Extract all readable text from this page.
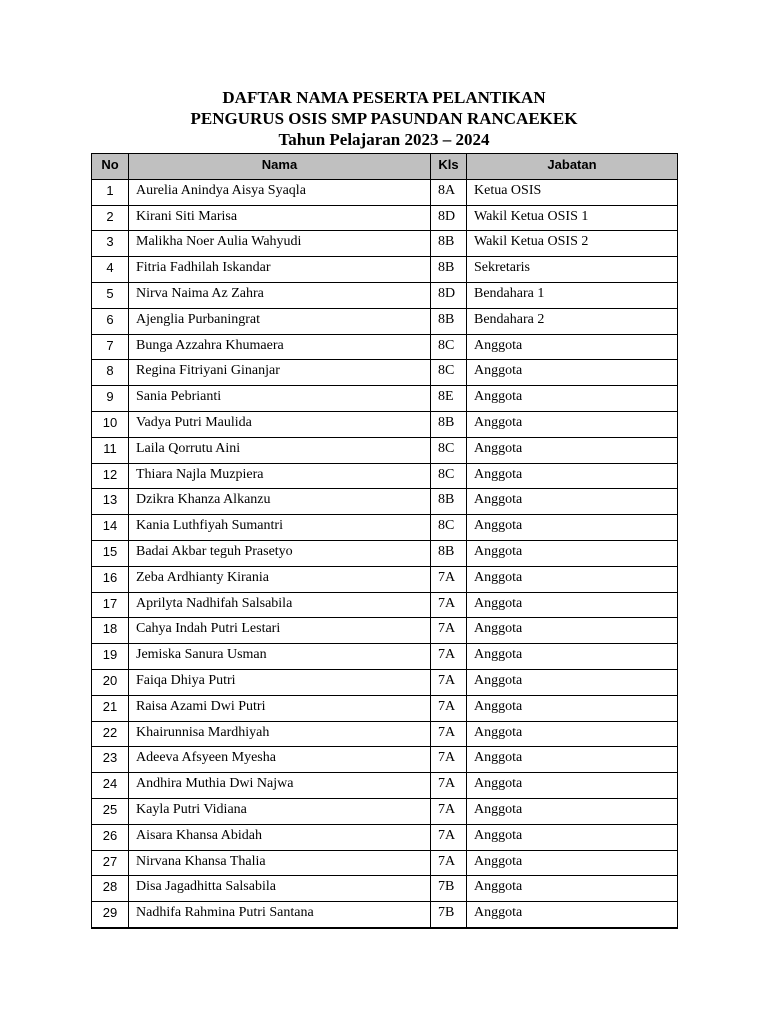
DAFTAR NAMA PESERTA PELANTIKAN
PENGURUS OSIS SMP PASUNDAN RANCAEKEK
Tahun Pelajaran 2023 – 2024
No	Nama	Kls	Jabatan
1	Aurelia Anindya Aisya Syaqla	8A	Ketua OSIS
2	Kirani Siti Marisa	8D	Wakil Ketua OSIS 1
3	Malikha Noer Aulia Wahyudi	8B	Wakil Ketua OSIS 2
4	Fitria Fadhilah Iskandar	8B	Sekretaris
5	Nirva Naima Az Zahra	8D	Bendahara 1
6	Ajenglia Purbaningrat	8B	Bendahara 2
7	Bunga Azzahra Khumaera	8C	Anggota
8	Regina Fitriyani Ginanjar	8C	Anggota
9	Sania Pebrianti	8E	Anggota
10	Vadya Putri Maulida	8B	Anggota
11	Laila Qorrutu Aini	8C	Anggota
12	Thiara Najla Muzpiera	8C	Anggota
13	Dzikra Khanza Alkanzu	8B	Anggota
14	Kania Luthfiyah Sumantri	8C	Anggota
15	Badai Akbar teguh Prasetyo	8B	Anggota
16	Zeba Ardhianty Kirania	7A	Anggota
17	Aprilyta Nadhifah Salsabila	7A	Anggota
18	Cahya Indah Putri Lestari	7A	Anggota
19	Jemiska Sanura Usman	7A	Anggota
20	Faiqa Dhiya Putri	7A	Anggota
21	Raisa Azami Dwi Putri	7A	Anggota
22	Khairunnisa Mardhiyah	7A	Anggota
23	Adeeva Afsyeen Myesha	7A	Anggota
24	Andhira Muthia Dwi Najwa	7A	Anggota
25	Kayla Putri Vidiana	7A	Anggota
26	Aisara Khansa Abidah	7A	Anggota
27	Nirvana Khansa Thalia	7A	Anggota
28	Disa Jagadhitta Salsabila	7B	Anggota
29	Nadhifa Rahmina Putri Santana	7B	Anggota
